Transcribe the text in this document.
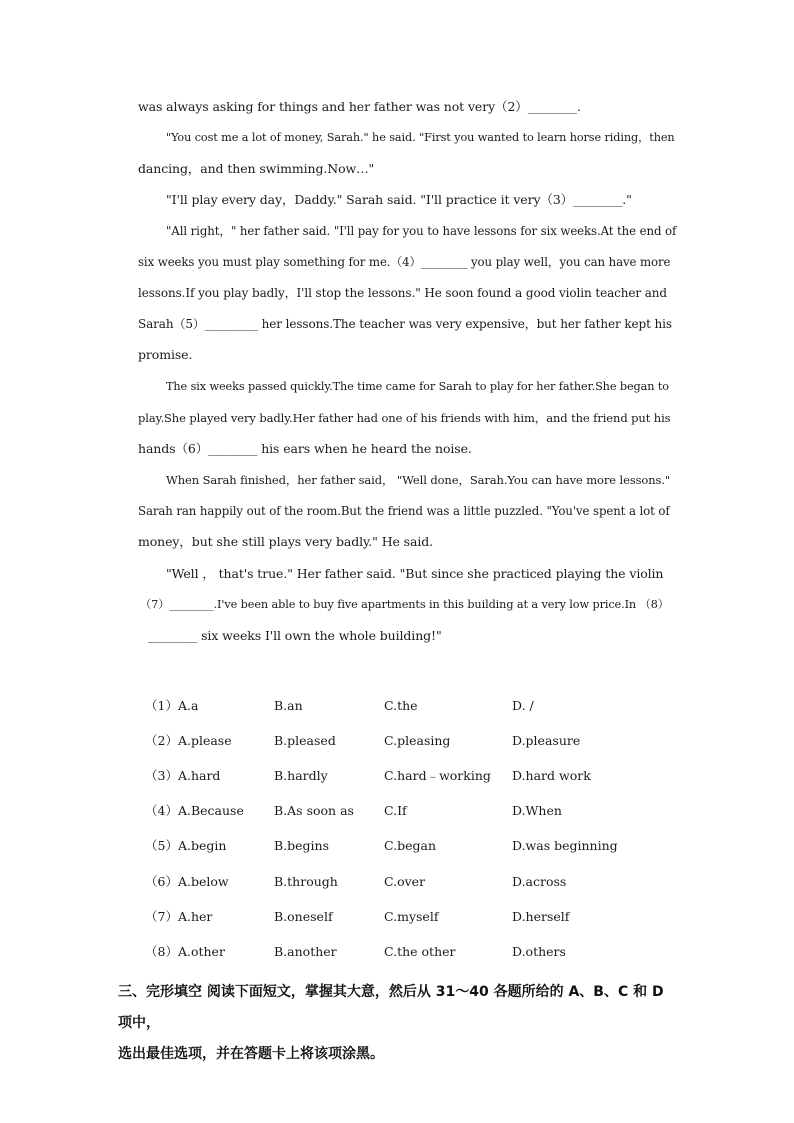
was always asking for things and her father was not very（2）________.
"You cost me a lot of money, Sarah." he said. "First you wanted to learn horse riding，then
dancing，and then swimming.Now…"
"I'll play every day，Daddy." Sarah said. "I'll practice it very（3）________."
"All right，" her father said. "I'll pay for you to have lessons for six weeks.At the end of
six weeks you must play something for me.（4）________ you play well，you can have more
lessons.If you play badly，I'll stop the lessons." He soon found a good violin teacher and
Sarah（5）_________ her lessons.The teacher was very expensive，but her father kept his
promise.
The six weeks passed quickly.The time came for Sarah to play for her father.She began to
play.She played very badly.Her father had one of his friends with him，and the friend put his
hands（6）________ his ears when he heard the noise.
When Sarah finished，her father said， "Well done，Sarah.You can have more lessons."
Sarah ran happily out of the room.But the friend was a little puzzled. "You've spent a lot of
money，but she still plays very badly." He said.
"Well ， that's true." Her father said. "But since she practiced playing the violin
（7）________.I've been able to buy five apartments in this building at a very low price.In （8）
________ six weeks I'll own the whole building!"
（1）A.a	B.an	C.the	D. /
（2）A.please	B.pleased	C.pleasing	D.pleasure
（3）A.hard	B.hardly	C.hard﹣working D.hard work
（4）A.Because B.As soon as C.If	D.When
（5）A.begin	B.begins	C.began	D.was beginning
（6）A.below	B.through	C.over	D.across
（7）A.her	B.oneself	C.myself	D.herself
（8）A.other	B.another	C.the other	D.others
三、完形填空 阅读下面短文，掌握其大意，然后从 31～40 各题所给的 A、B、C 和 D 项中，
选出最佳选项，并在答题卡上将该项涂黑。
